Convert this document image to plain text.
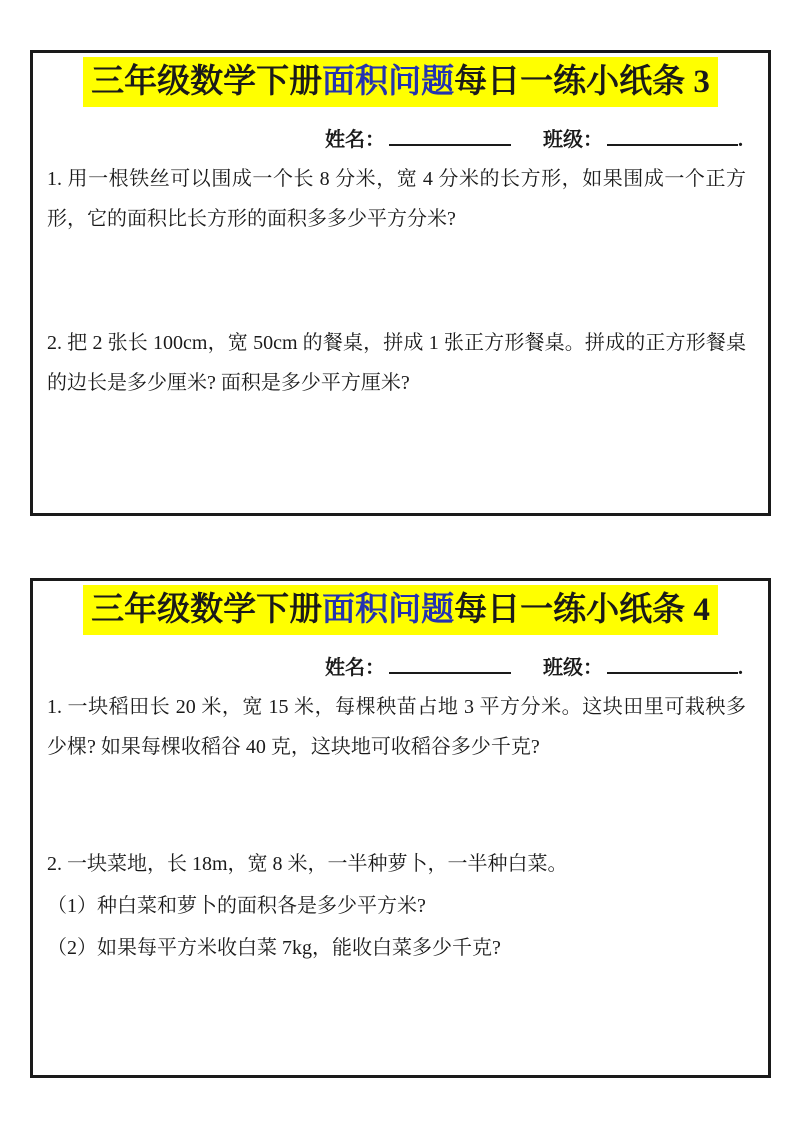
三年级数学下册面积问题每日一练小纸条 3
姓名：	班级：	.

1. 用一根铁丝可以围成一个长 8 分米，宽 4 分米的长方形，如果围成一个正方形，它的面积比长方形的面积多多少平方分米?

2. 把 2 张长 100cm，宽 50cm 的餐桌，拼成 1 张正方形餐桌。拼成的正方形餐桌的边长是多少厘米? 面积是多少平方厘米?

三年级数学下册面积问题每日一练小纸条 4
姓名：	班级：	.

1. 一块稻田长 20 米，宽 15 米，每棵秧苗占地 3 平方分米。这块田里可栽秧多少棵? 如果每棵收稻谷 40 克，这块地可收稻谷多少千克?

2. 一块菜地，长 18m，宽 8 米，一半种萝卜，一半种白菜。
（1）种白菜和萝卜的面积各是多少平方米?
（2）如果每平方米收白菜 7kg，能收白菜多少千克?
